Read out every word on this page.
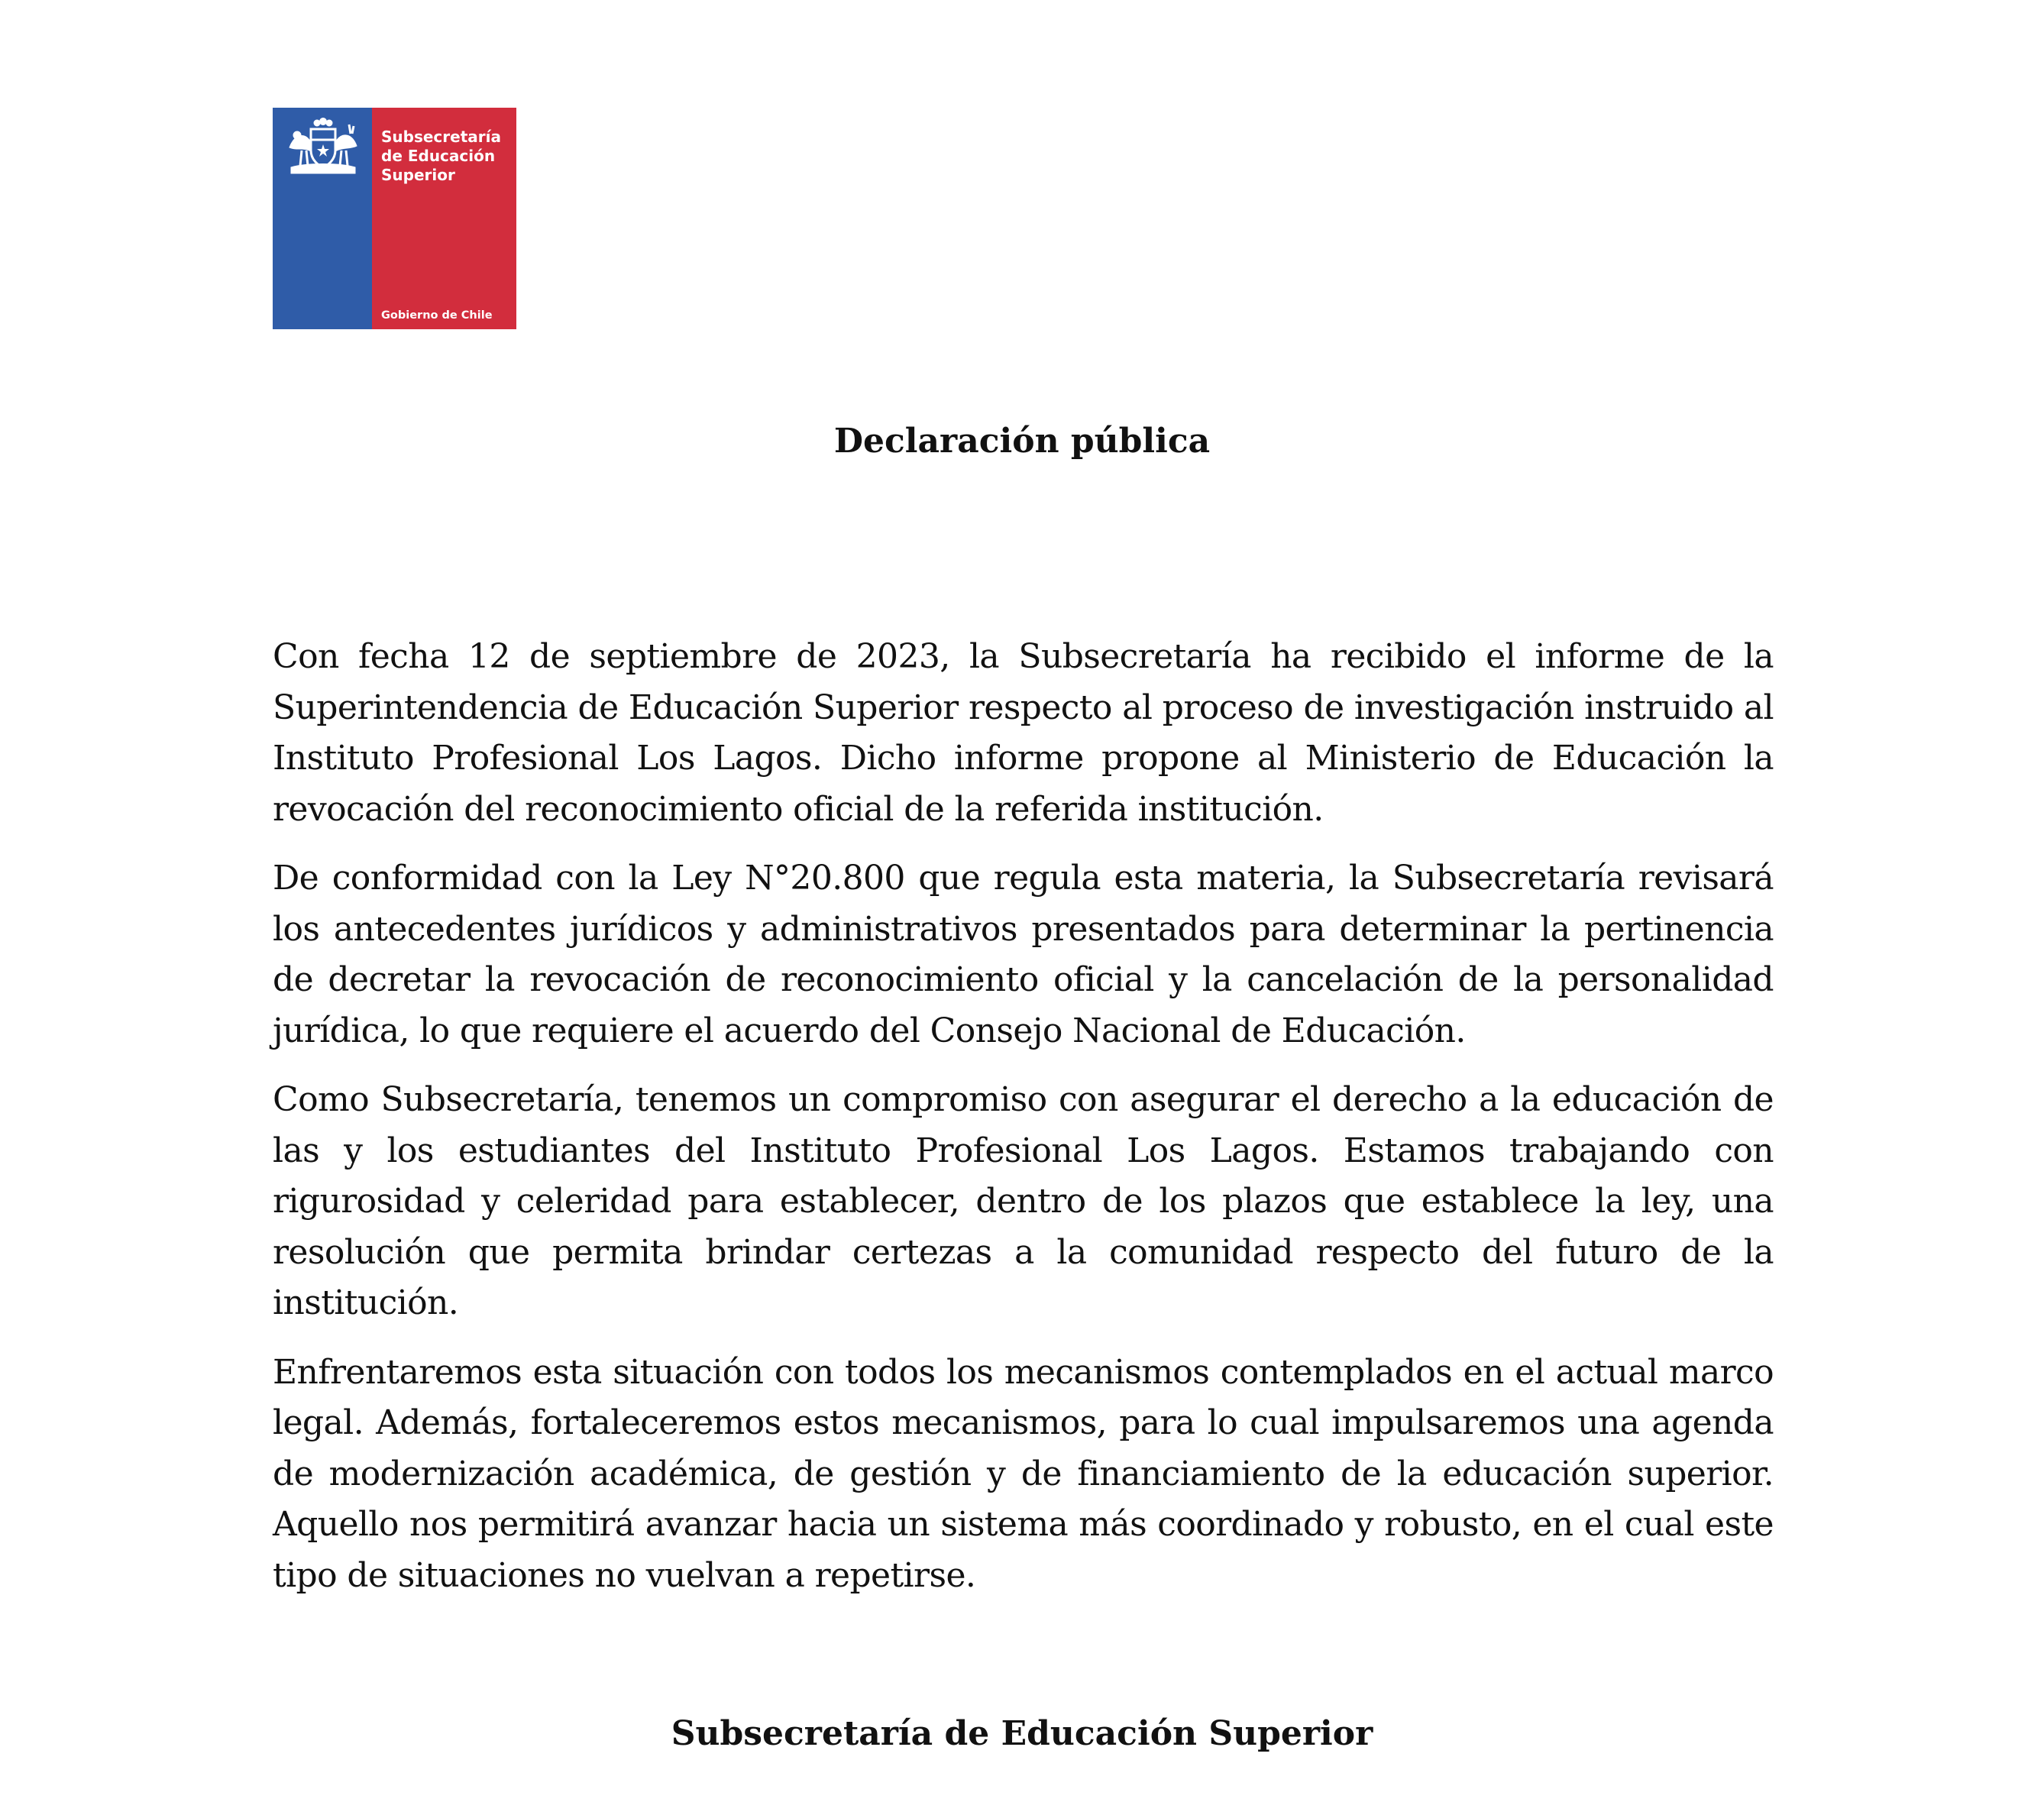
Subsecretaría
de Educación
Superior
Gobierno de Chile
Declaración pública

Con fecha 12 de septiembre de 2023, la Subsecretaría ha recibido el informe de la Superintendencia de Educación Superior respecto al proceso de investigación instruido al Instituto Profesional Los Lagos. Dicho informe propone al Ministerio de Educación la revocación del reconocimiento oficial de la referida institución.

De conformidad con la Ley N°20.800 que regula esta materia, la Subsecretaría revisará los antecedentes jurídicos y administrativos presentados para determinar la pertinencia de decretar la revocación de reconocimiento oficial y la cancelación de la personalidad jurídica, lo que requiere el acuerdo del Consejo Nacional de Educación.

Como Subsecretaría, tenemos un compromiso con asegurar el derecho a la educación de las y los estudiantes del Instituto Profesional Los Lagos. Estamos trabajando con rigurosidad y celeridad para establecer, dentro de los plazos que establece la ley, una resolución que permita brindar certezas a la comunidad respecto del futuro de la institución.

Enfrentaremos esta situación con todos los mecanismos contemplados en el actual marco legal. Además, fortaleceremos estos mecanismos, para lo cual impulsaremos una agenda de modernización académica, de gestión y de financiamiento de la educación superior. Aquello nos permitirá avanzar hacia un sistema más coordinado y robusto, en el cual este tipo de situaciones no vuelvan a repetirse.

Subsecretaría de Educación Superior
